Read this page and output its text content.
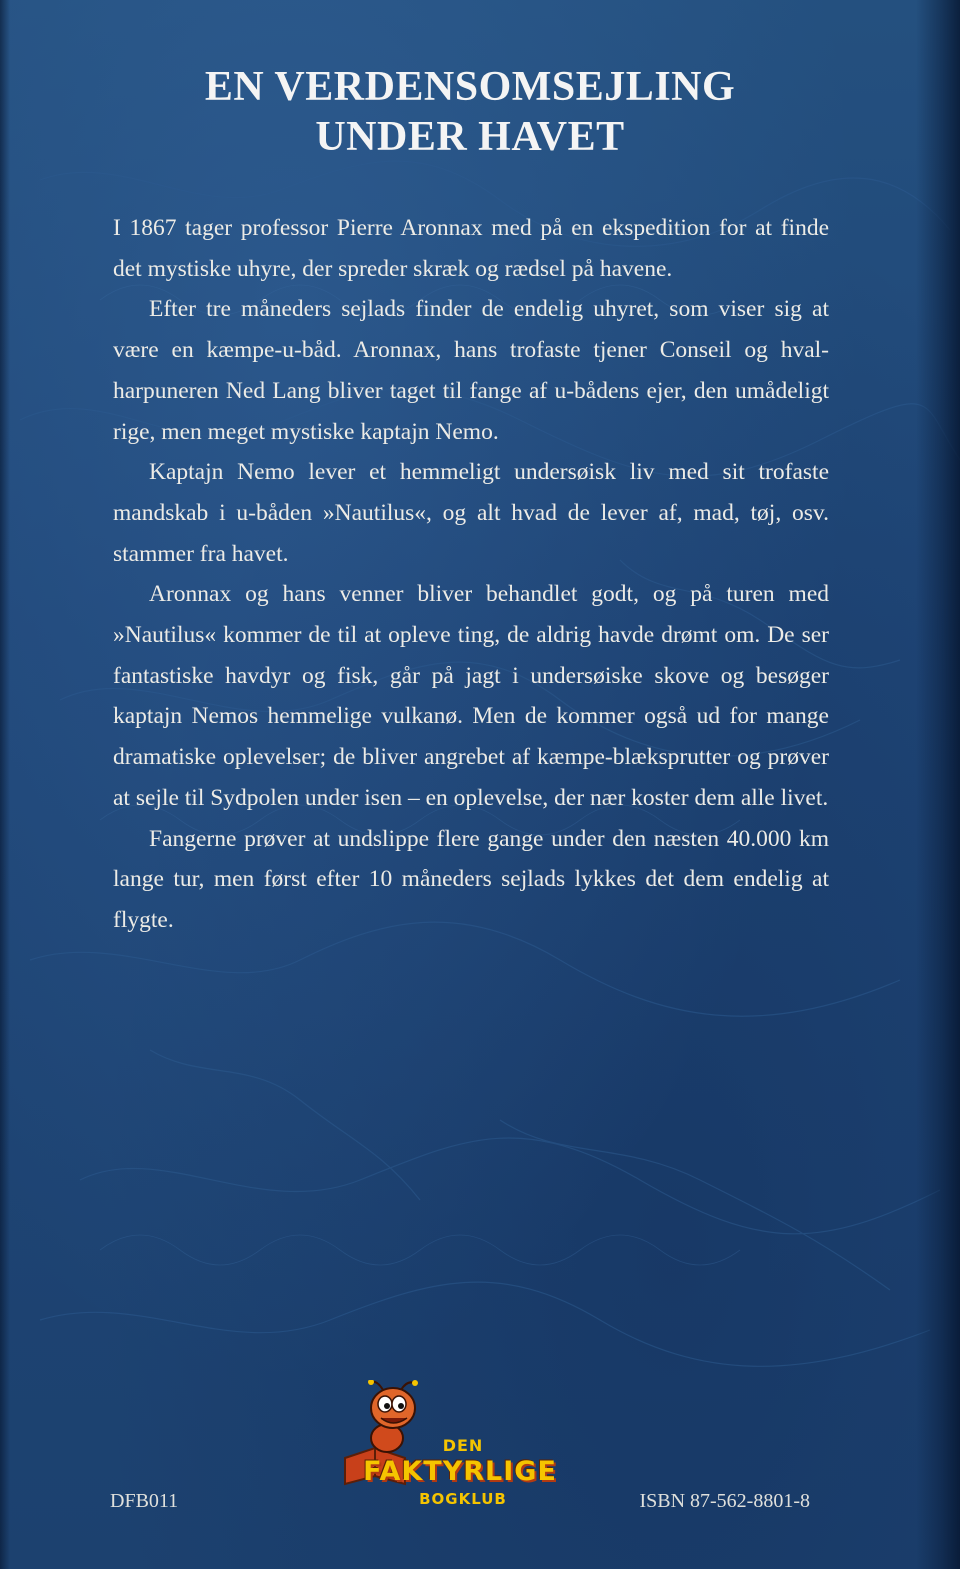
EN VERDENSOMSEJLING
UNDER HAVET

I 1867 tager professor Pierre Aronnax med på en ekspedition for at finde det mystiske uhyre, der spreder skræk og rædsel på havene.

Efter tre måneders sejlads finder de endelig uhyret, som viser sig at være en kæmpe-u-båd. Aronnax, hans trofaste tjener Conseil og hval-harpuneren Ned Lang bliver taget til fange af u-bådens ejer, den umådeligt rige, men meget mystiske kaptajn Nemo.

Kaptajn Nemo lever et hemmeligt undersøisk liv med sit trofaste mandskab i u-båden »Nautilus«, og alt hvad de lever af, mad, tøj, osv. stammer fra havet.

Aronnax og hans venner bliver behandlet godt, og på turen med »Nautilus« kommer de til at opleve ting, de aldrig havde drømt om. De ser fantastiske havdyr og fisk, går på jagt i undersøiske skove og besøger kaptajn Nemos hemmelige vulkanø. Men de kommer også ud for mange dramatiske oplevelser; de bliver angrebet af kæmpe-blæksprutter og prøver at sejle til Sydpolen under isen – en oplevelse, der nær koster dem alle livet.

Fangerne prøver at undslippe flere gange under den næsten 40.000 km lange tur, men først efter 10 måneders sejlads lykkes det dem endelig at flygte.

DEN
FAKTYRLIGE
BOGKLUB
DFB011	ISBN 87-562-8801-8
